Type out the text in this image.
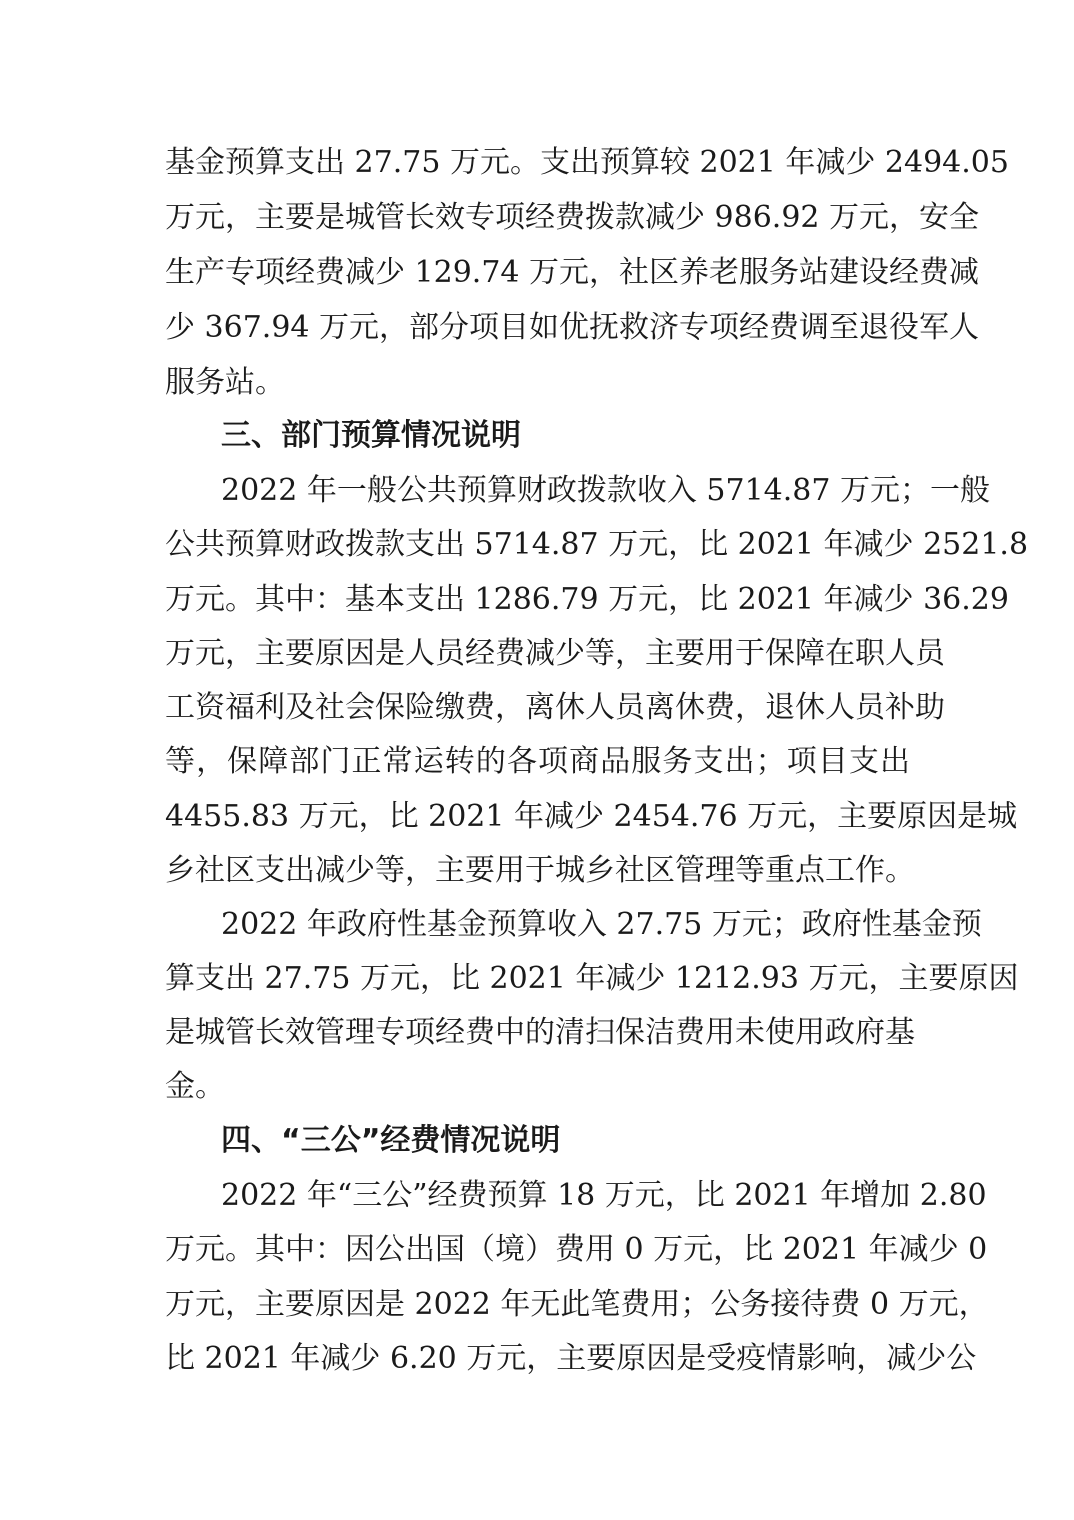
基金预算支出 27.75 万元。支出预算较 2021 年减少 2494.05
万元，主要是城管长效专项经费拨款减少 986.92 万元，安全
生产专项经费减少 129.74 万元，社区养老服务站建设经费减
少 367.94 万元，部分项目如优抚救济专项经费调至退役军人
服务站。
三、部门预算情况说明
2022 年一般公共预算财政拨款收入 5714.87 万元；一般
公共预算财政拨款支出 5714.87 万元，比 2021 年减少 2521.8
万元。其中：基本支出 1286.79 万元，比 2021 年减少 36.29
万元，主要原因是人员经费减少等，主要用于保障在职人员
工资福利及社会保险缴费，离休人员离休费，退休人员补助
等，保障部门正常运转的各项商品服务支出；项目支出
4455.83 万元，比 2021 年减少 2454.76 万元，主要原因是城
乡社区支出减少等，主要用于城乡社区管理等重点工作。
2022 年政府性基金预算收入 27.75 万元；政府性基金预
算支出 27.75 万元，比 2021 年减少 1212.93 万元，主要原因
是城管长效管理专项经费中的清扫保洁费用未使用政府基
金。
四、“三公”经费情况说明
2022 年“三公”经费预算 18 万元，比 2021 年增加 2.80
万元。其中：因公出国（境）费用 0 万元，比 2021 年减少 0
万元，主要原因是 2022 年无此笔费用；公务接待费 0 万元，
比 2021 年减少 6.20 万元，主要原因是受疫情影响，减少公
